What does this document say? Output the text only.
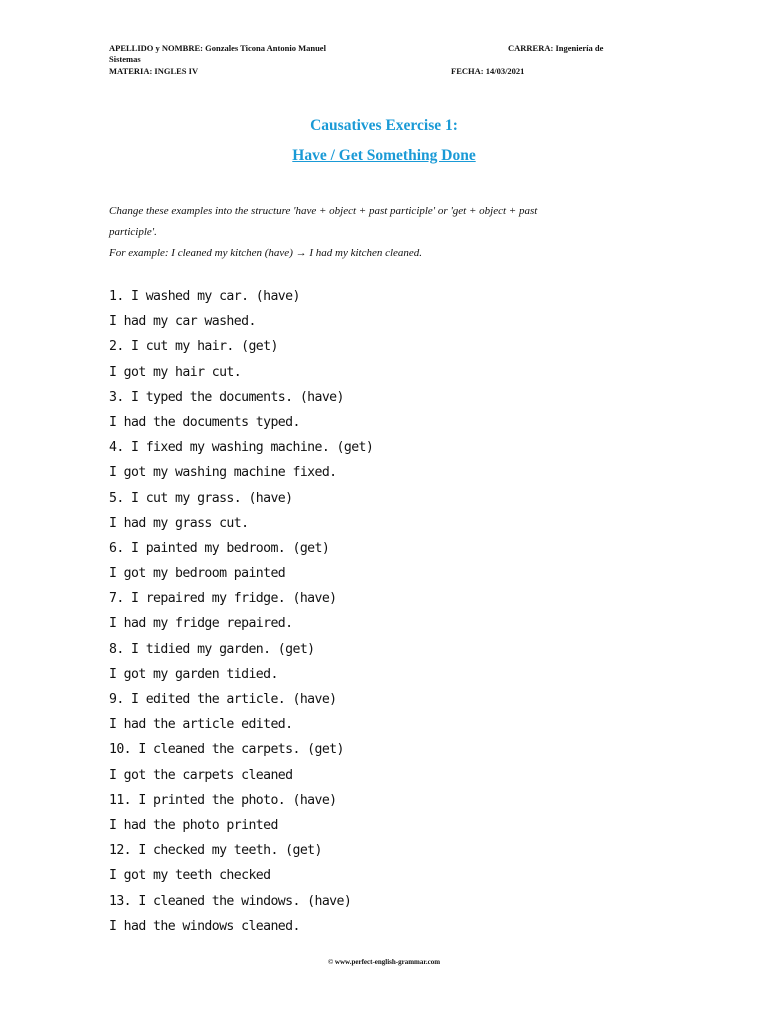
APELLIDO y NOMBRE: Gonzales Ticona Antonio Manuel	CARRERA: Ingeniería de
Sistemas
MATERIA: INGLES IV	FECHA: 14/03/2021
Causatives Exercise 1:
Have / Get Something Done
Change these examples into the structure 'have + object + past participle' or 'get + object + past
participle'.
For example: I cleaned my kitchen (have) → I had my kitchen cleaned.
1. I washed my car. (have)
I had my car washed.
2. I cut my hair. (get)
I got my hair cut.
3. I typed the documents. (have)
I had the documents typed.
4. I fixed my washing machine. (get)
I got my washing machine fixed.
5. I cut my grass. (have)
I had my grass cut.
6. I painted my bedroom. (get)
I got my bedroom painted
7. I repaired my fridge. (have)
I had my fridge repaired.
8. I tidied my garden. (get)
I got my garden tidied.
9. I edited the article. (have)
I had the article edited.
10. I cleaned the carpets. (get)
I got the carpets cleaned
11. I printed the photo. (have)
I had the photo printed
12. I checked my teeth. (get)
I got my teeth checked
13. I cleaned the windows. (have)
I had the windows cleaned.
© www.perfect-english-grammar.com
